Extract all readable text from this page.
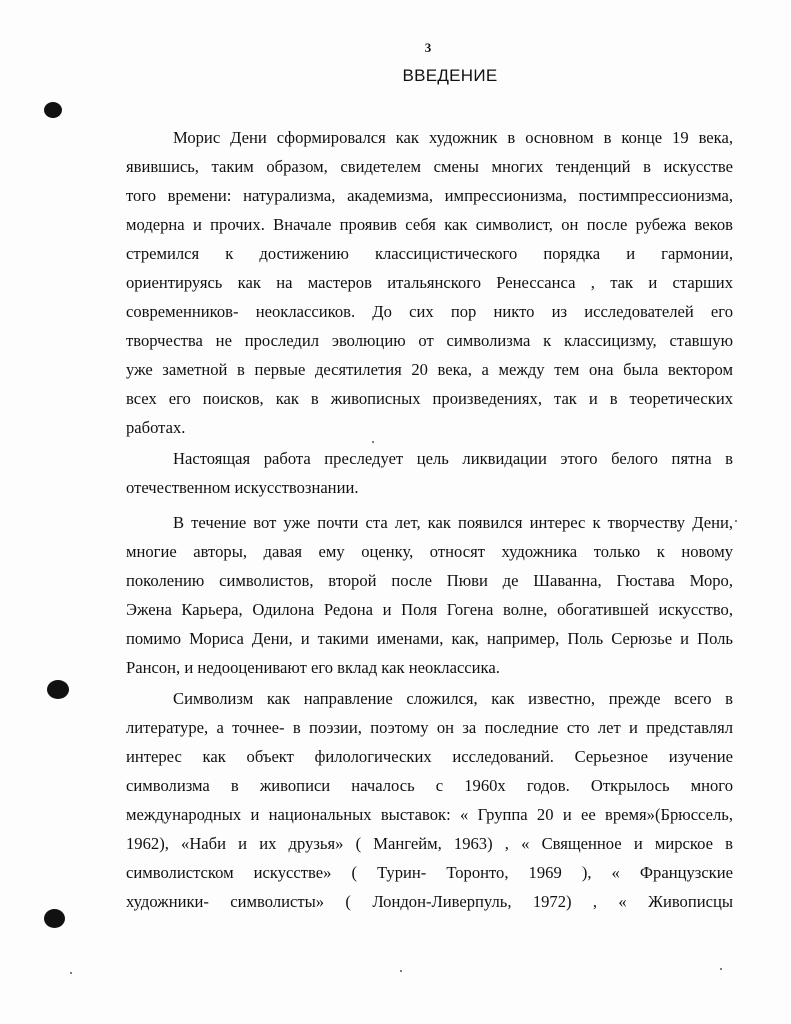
3
ВВЕДЕНИЕ
Морис Дени сформировался как художник в основном в конце 19 века,
явившись, таким образом, свидетелем смены многих тенденций в искусстве
того времени: натурализма, академизма, импрессионизма, постимпрессионизма,
модерна и прочих. Вначале проявив себя как символист, он после рубежа веков
стремился к достижению классицистического порядка и гармонии,
ориентируясь как на мастеров итальянского Ренессанса , так и старших
современников- неоклассиков. До сих пор никто из исследователей его
творчества не проследил эволюцию от символизма к классицизму, ставшую
уже заметной в первые десятилетия 20 века, а между тем она была вектором
всех его поисков, как в живописных произведениях, так и в теоретических
работах.
Настоящая работа преследует цель ликвидации этого белого пятна в
отечественном искусствознании.
В течение вот уже почти ста лет, как появился интерес к творчеству Дени,
многие авторы, давая ему оценку, относят художника только к новому
поколению символистов, второй после Пюви де Шаванна, Гюстава Моро,
Эжена Карьера, Одилона Редона и Поля Гогена волне, обогатившей искусство,
помимо Мориса Дени, и такими именами, как, например, Поль Серюзье и Поль
Рансон, и недооценивают его вклад как неоклассика.
Символизм как направление сложился, как известно, прежде всего в
литературе, а точнее- в поэзии, поэтому он за последние сто лет и представлял
интерес как объект филологических исследований. Серьезное изучение
символизма в живописи началось с 1960х годов. Открылось много
международных и национальных выставок: « Группа 20 и ее время»(Брюссель,
1962), «Наби и их друзья» ( Мангейм, 1963) , « Священное и мирское в
символистском искусстве» ( Турин- Торонто, 1969 ), « Французские
художники- символисты» ( Лондон-Ливерпуль, 1972) , « Живописцы
